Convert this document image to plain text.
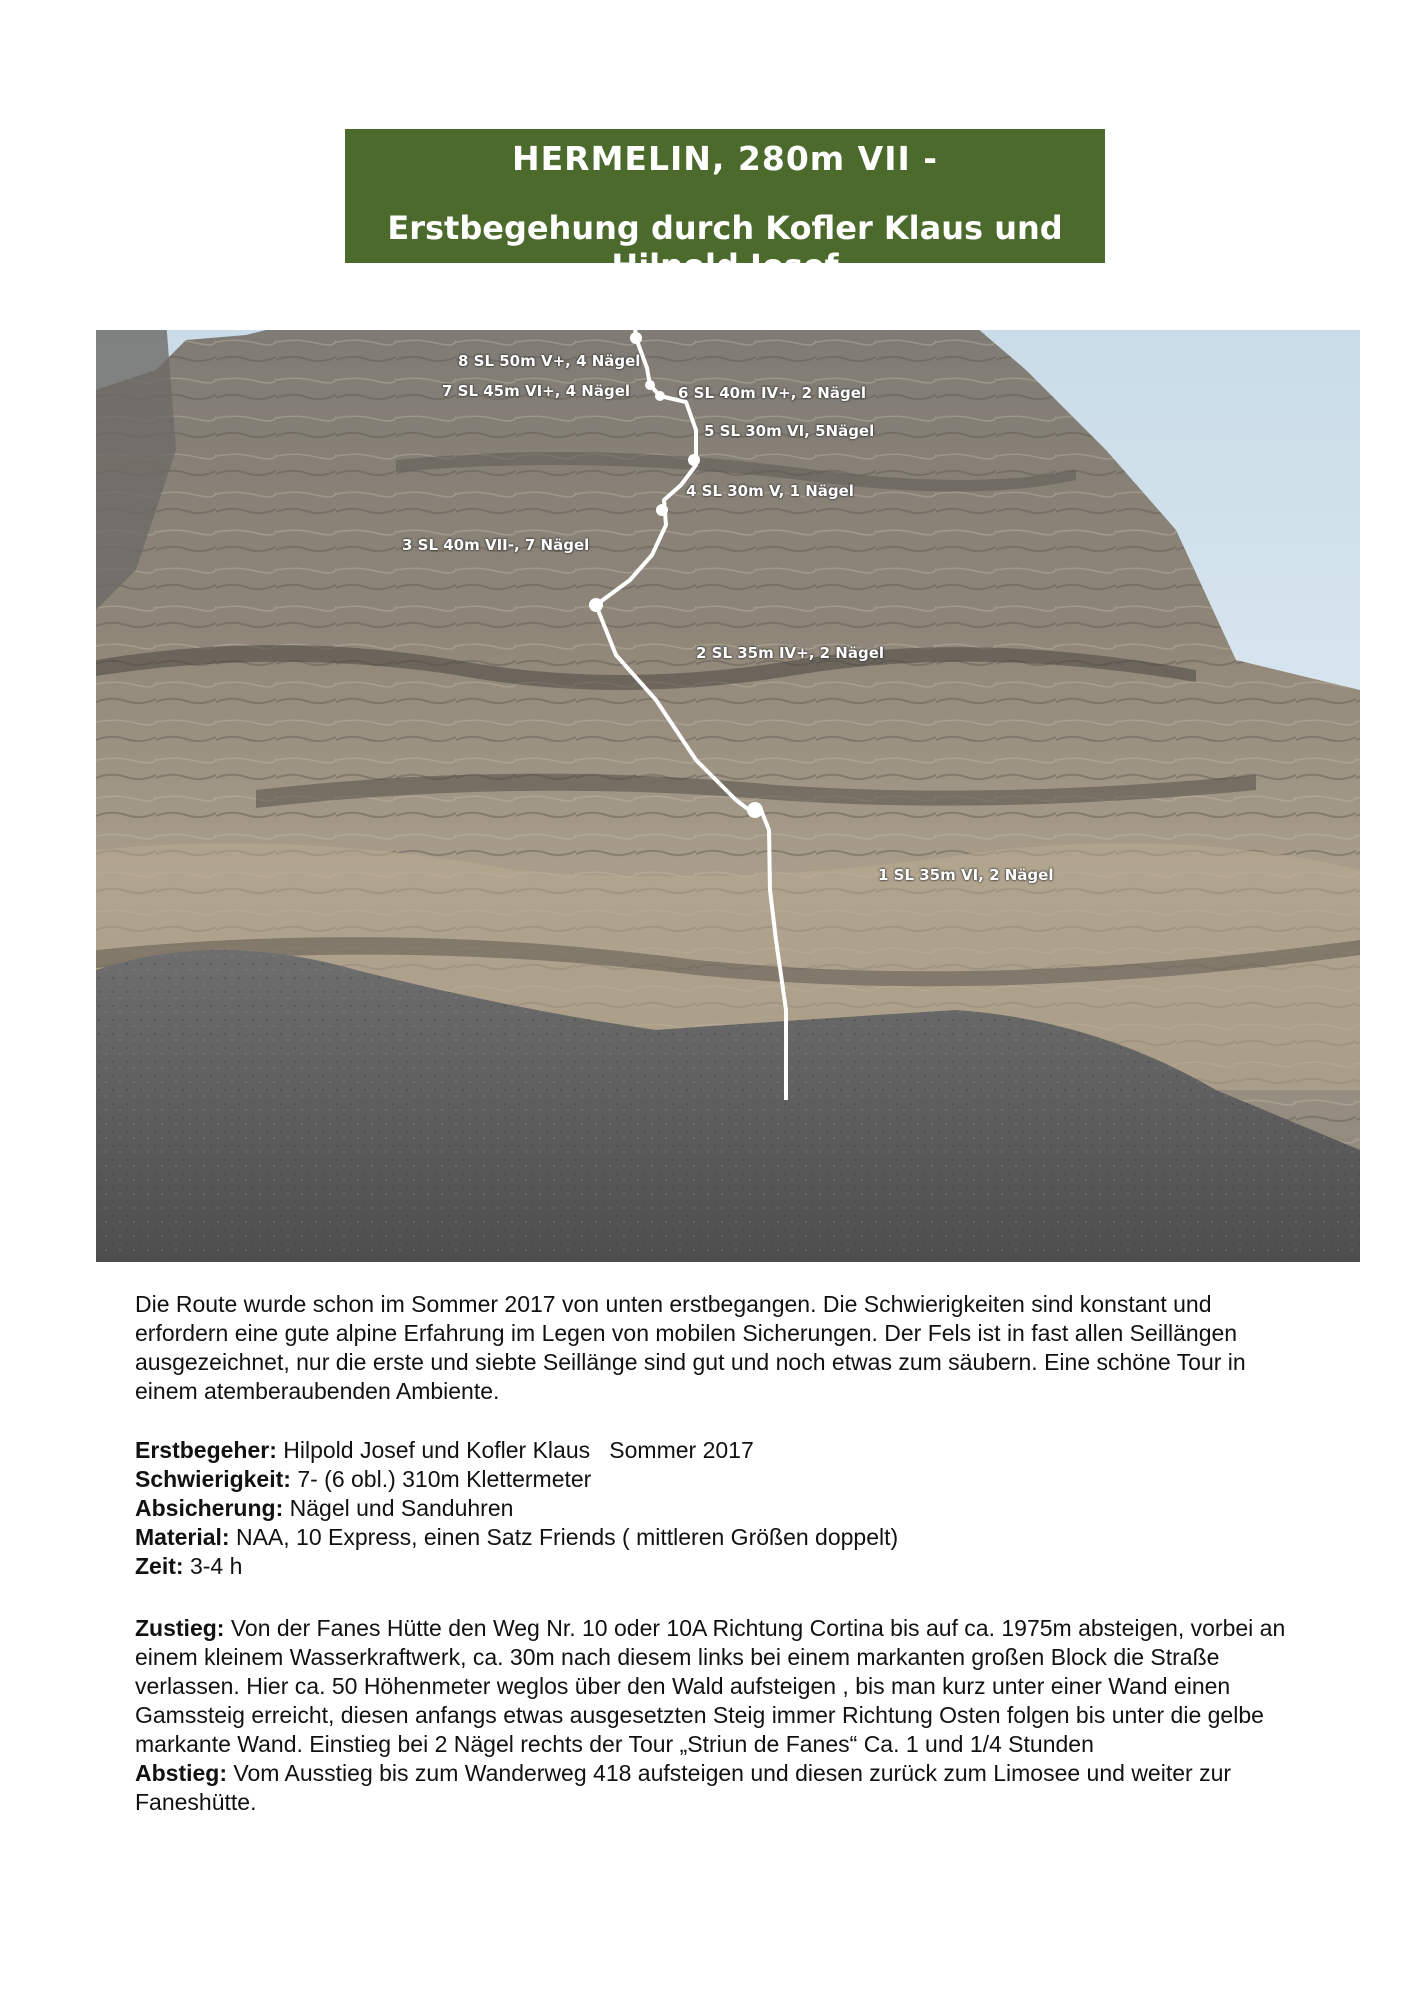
HERMELIN, 280m VII -
Erstbegehung durch Kofler Klaus und Hilpold Josef
8 SL 50m V+, 4 Nägel
7 SL 45m VI+, 4 Nägel	6 SL 40m IV+, 2 Nägel
5 SL 30m VI, 5Nägel
4 SL 30m V, 1 Nägel
3 SL 40m VII-, 7 Nägel
2 SL 35m IV+, 2 Nägel
1 SL 35m VI, 2 Nägel

Die Route wurde schon im Sommer 2017 von unten erstbegangen. Die Schwierigkeiten sind konstant und erfordern eine gute alpine Erfahrung im Legen von mobilen Sicherungen. Der Fels ist in fast allen Seillängen ausgezeichnet, nur die erste und siebte Seillänge sind gut und noch etwas zum säubern. Eine schöne Tour in einem atemberaubenden Ambiente.

Erstbegeher: Hilpold Josef und Kofler Klaus   Sommer 2017

Schwierigkeit: 7- (6 obl.) 310m Klettermeter

Absicherung: Nägel und Sanduhren

Material: NAA, 10 Express, einen Satz Friends ( mittleren Größen doppelt)

Zeit: 3-4 h

Zustieg: Von der Fanes Hütte den Weg Nr. 10 oder 10A Richtung Cortina bis auf ca. 1975m absteigen, vorbei an einem kleinem Wasserkraftwerk, ca. 30m nach diesem links bei einem markanten großen Block die Straße verlassen. Hier ca. 50 Höhenmeter weglos über den Wald aufsteigen , bis man kurz unter einer Wand einen Gamssteig erreicht, diesen anfangs etwas ausgesetzten Steig immer Richtung Osten folgen bis unter die gelbe markante Wand. Einstieg bei 2 Nägel rechts der Tour „Striun de Fanes“ Ca. 1 und 1/4 Stunden

Abstieg: Vom Ausstieg bis zum Wanderweg 418 aufsteigen und diesen zurück zum Limosee und weiter zur Faneshütte.
